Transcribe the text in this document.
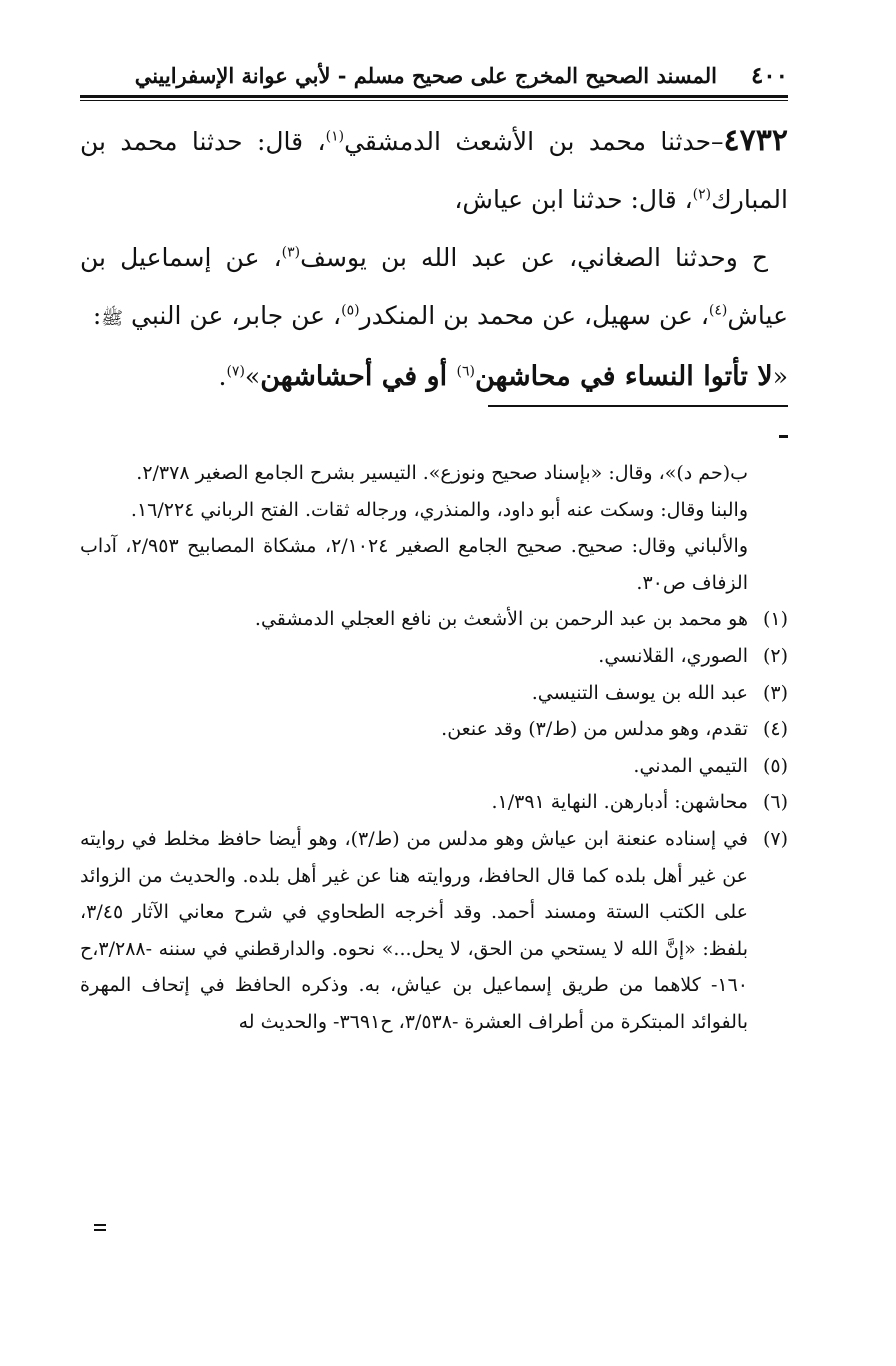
٤٠٠
المسند الصحيح المخرج على صحيح مسلم - لأبي عوانة الإسفراييني

٤٧٣٢–حدثنا محمد بن الأشعث الدمشقي$^{(١)}$، قال: حدثنا محمد بن المبارك$^{(٢)}$، قال: حدثنا ابن عياش،

ح وحدثنا الصغاني، عن عبد الله بن يوسف$^{(٣)}$، عن إسماعيل بن عياش$^{(٤)}$، عن سهيل، عن محمد بن المنكدر$^{(٥)}$، عن جابر، عن النبي ﷺ:
«لا تأتوا النساء في محاشهن$^{(٦)}$ أو في أحشاشهن»$^{(٧)}$.

ب(حم د)»، وقال: «بإسناد صحيح ونوزع». التيسير بشرح الجامع الصغير ٢/٣٧٨.

والبنا وقال: وسكت عنه أبو داود، والمنذري، ورجاله ثقات. الفتح الرباني ١٦/٢٢٤.

والألباني وقال: صحيح. صحيح الجامع الصغير ٢/١٠٢٤، مشكاة المصابيح ٢/٩٥٣، آداب الزفاف ص٣٠.

(١)
هو محمد بن عبد الرحمن بن الأشعث بن نافع العجلي الدمشقي.
(٢)
الصوري، القلانسي.
(٣)
عبد الله بن يوسف التنيسي.
(٤)
تقدم، وهو مدلس من (ط/٣) وقد عنعن.
(٥)
التيمي المدني.
(٦)
محاشهن: أدبارهن. النهاية ١/٣٩١.
(٧)
في إسناده عنعنة ابن عياش وهو مدلس من (ط/٣)، وهو أيضا حافظ مخلط في روايته عن غير أهل بلده كما قال الحافظ، وروايته هنا عن غير أهل بلده. والحديث من الزوائد على الكتب الستة ومسند أحمد. وقد أخرجه الطحاوي في شرح معاني الآثار ٣/٤٥، بلفظ: «إنَّ الله لا يستحي من الحق، لا يحل...» نحوه. والدارقطني في سننه -٣/٢٨٨،ح ١٦٠- كلاهما من طريق إسماعيل بن عياش، به. وذكره الحافظ في إتحاف المهرة بالفوائد المبتكرة من أطراف العشرة -٣/٥٣٨، ح٣٦٩١- والحديث له
